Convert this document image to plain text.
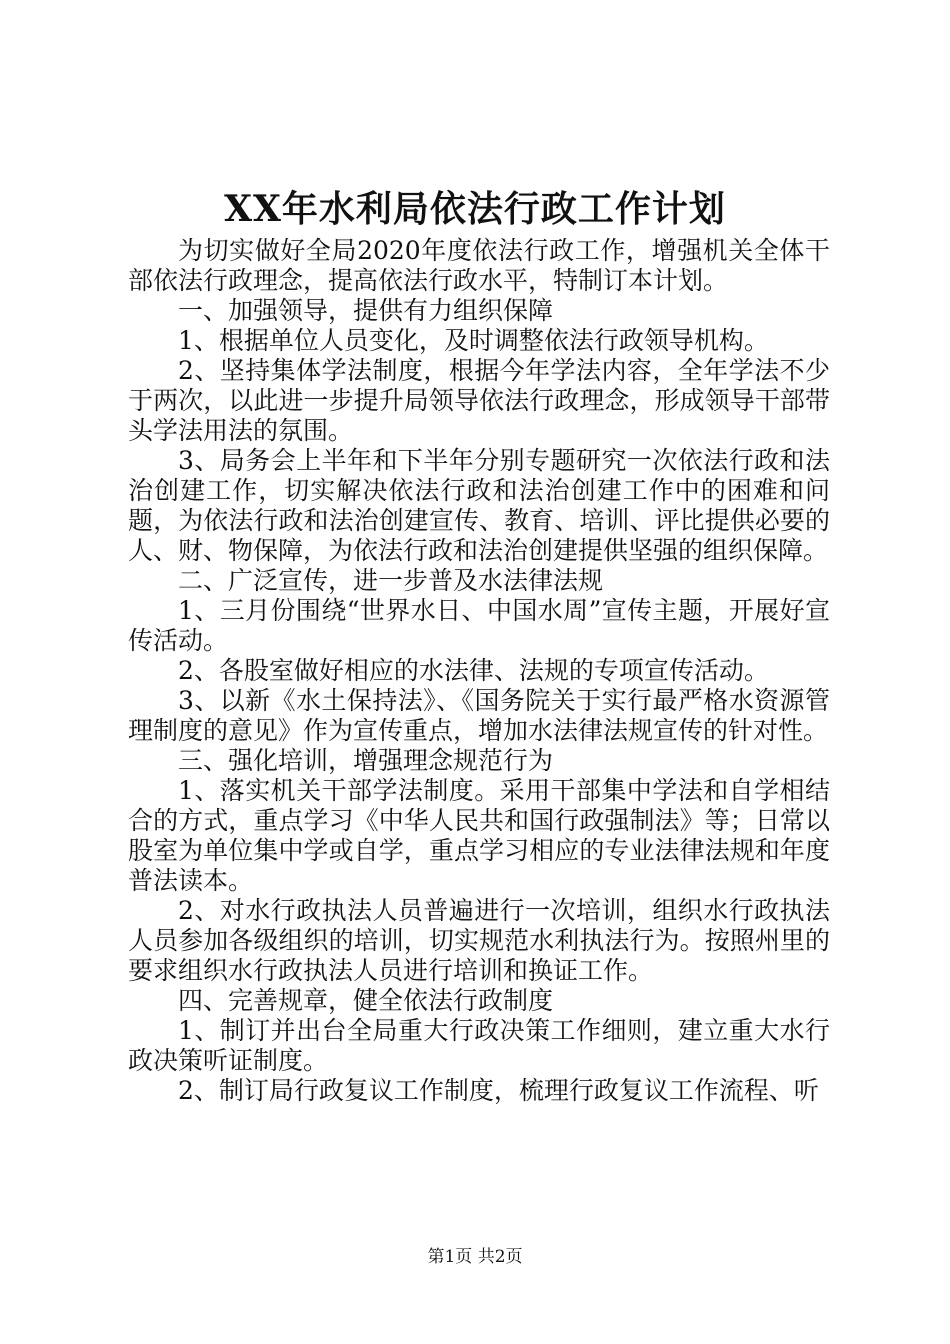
XX年水利局依法行政工作计划

为切实做好全局2020年度依法行政工作，增强机关全体干部依法行政理念，提高依法行政水平，特制订本计划。

一、加强领导，提供有力组织保障

1、根据单位人员变化，及时调整依法行政领导机构。

2、坚持集体学法制度，根据今年学法内容，全年学法不少于两次，以此进一步提升局领导依法行政理念，形成领导干部带头学法用法的氛围。

3、局务会上半年和下半年分别专题研究一次依法行政和法治创建工作，切实解决依法行政和法治创建工作中的困难和问题，为依法行政和法治创建宣传、教育、培训、评比提供必要的人、财、物保障，为依法行政和法治创建提供坚强的组织保障。

二、广泛宣传，进一步普及水法律法规

1、三月份围绕“世界水日、中国水周”宣传主题，开展好宣传活动。

2、各股室做好相应的水法律、法规的专项宣传活动。

3、以新《水土保持法》、《国务院关于实行最严格水资源管理制度的意见》作为宣传重点，增加水法律法规宣传的针对性。

三、强化培训，增强理念规范行为

1、落实机关干部学法制度。采用干部集中学法和自学相结合的方式，重点学习《中华人民共和国行政强制法》等；日常以股室为单位集中学或自学，重点学习相应的专业法律法规和年度普法读本。

2、对水行政执法人员普遍进行一次培训，组织水行政执法人员参加各级组织的培训，切实规范水利执法行为。按照州里的要求组织水行政执法人员进行培训和换证工作。

四、完善规章，健全依法行政制度

1、制订并出台全局重大行政决策工作细则，建立重大水行政决策听证制度。

2、制订局行政复议工作制度，梳理行政复议工作流程、听

第1页 共2页
